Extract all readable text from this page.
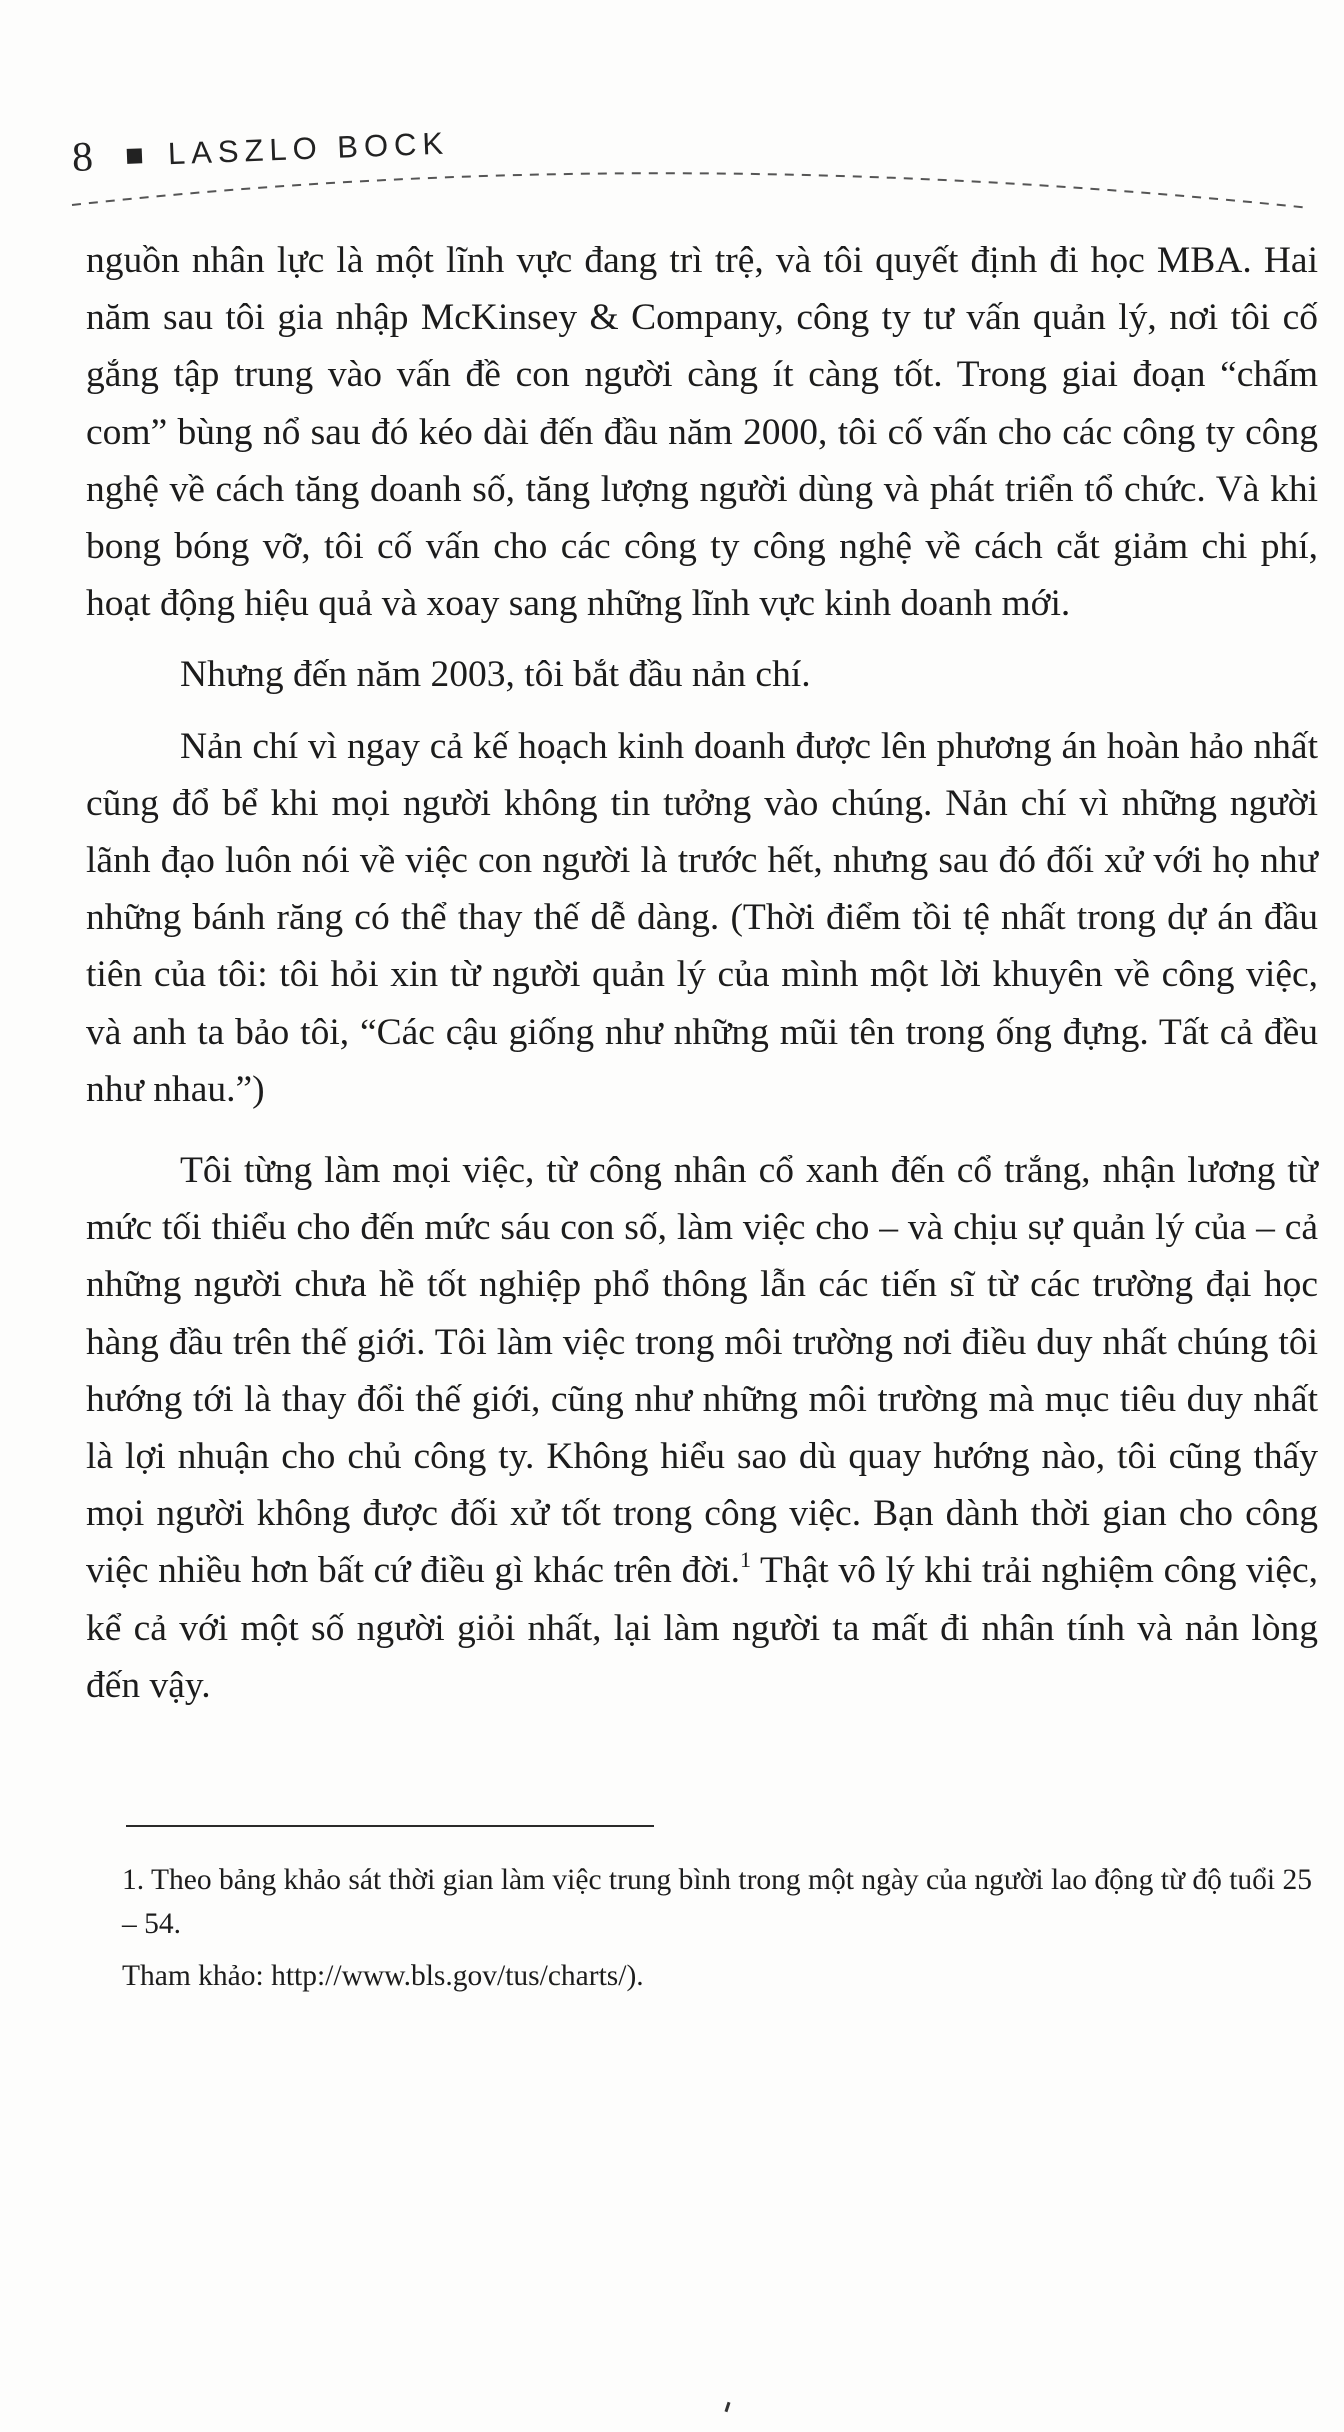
8 LASZLO BOCK

nguồn nhân lực là một lĩnh vực đang trì trệ, và tôi quyết định đi học MBA. Hai năm sau tôi gia nhập McKinsey & Company, công ty tư vấn quản lý, nơi tôi cố gắng tập trung vào vấn đề con người càng ít càng tốt. Trong giai đoạn “chấm com” bùng nổ sau đó kéo dài đến đầu năm 2000, tôi cố vấn cho các công ty công nghệ về cách tăng doanh số, tăng lượng người dùng và phát triển tổ chức. Và khi bong bóng vỡ, tôi cố vấn cho các công ty công nghệ về cách cắt giảm chi phí, hoạt động hiệu quả và xoay sang những lĩnh vực kinh doanh mới.

Nhưng đến năm 2003, tôi bắt đầu nản chí.

Nản chí vì ngay cả kế hoạch kinh doanh được lên phương án hoàn hảo nhất cũng đổ bể khi mọi người không tin tưởng vào chúng. Nản chí vì những người lãnh đạo luôn nói về việc con người là trước hết, nhưng sau đó đối xử với họ như những bánh răng có thể thay thế dễ dàng. (Thời điểm tồi tệ nhất trong dự án đầu tiên của tôi: tôi hỏi xin từ người quản lý của mình một lời khuyên về công việc, và anh ta bảo tôi, “Các cậu giống như những mũi tên trong ống đựng. Tất cả đều như nhau.”)

Tôi từng làm mọi việc, từ công nhân cổ xanh đến cổ trắng, nhận lương từ mức tối thiểu cho đến mức sáu con số, làm việc cho – và chịu sự quản lý của – cả những người chưa hề tốt nghiệp phổ thông lẫn các tiến sĩ từ các trường đại học hàng đầu trên thế giới. Tôi làm việc trong môi trường nơi điều duy nhất chúng tôi hướng tới là thay đổi thế giới, cũng như những môi trường mà mục tiêu duy nhất là lợi nhuận cho chủ công ty. Không hiểu sao dù quay hướng nào, tôi cũng thấy mọi người không được đối xử tốt trong công việc. Bạn dành thời gian cho công việc nhiều hơn bất cứ điều gì khác trên đời.$^1$ Thật vô lý khi trải nghiệm công việc, kể cả với một số người giỏi nhất, lại làm người ta mất đi nhân tính và nản lòng đến vậy.

1. Theo bảng khảo sát thời gian làm việc trung bình trong một ngày của người lao động từ độ tuổi 25 – 54.

Tham khảo: http://www.bls.gov/tus/charts/).
